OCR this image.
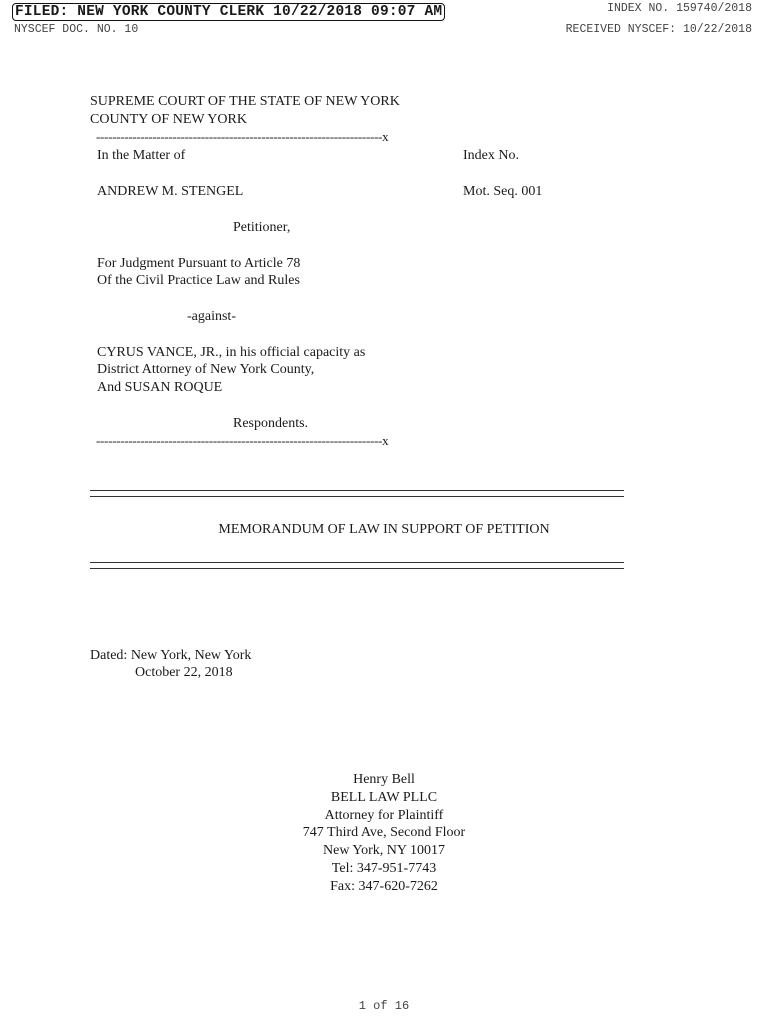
FILED: NEW YORK COUNTY CLERK 10/22/2018 09:07 AM
NYSCEF DOC. NO. 10
INDEX NO. 159740/2018
RECEIVED NYSCEF: 10/22/2018
SUPREME COURT OF THE STATE OF NEW YORK
COUNTY OF NEW YORK
-----------------------------------------------------------------------x
In the Matter of	Index No.
ANDREW M. STENGEL	Mot. Seq. 001
Petitioner,
For Judgment Pursuant to Article 78
Of the Civil Practice Law and Rules
-against-
CYRUS VANCE, JR., in his official capacity as
District Attorney of New York County,
And SUSAN ROQUE
Respondents.
-----------------------------------------------------------------------x
MEMORANDUM OF LAW IN SUPPORT OF PETITION
Dated: New York, New York
October 22, 2018
Henry Bell
BELL LAW PLLC
Attorney for Plaintiff
747 Third Ave, Second Floor
New York, NY 10017
Tel: 347-951-7743
Fax: 347-620-7262
1 of 16
